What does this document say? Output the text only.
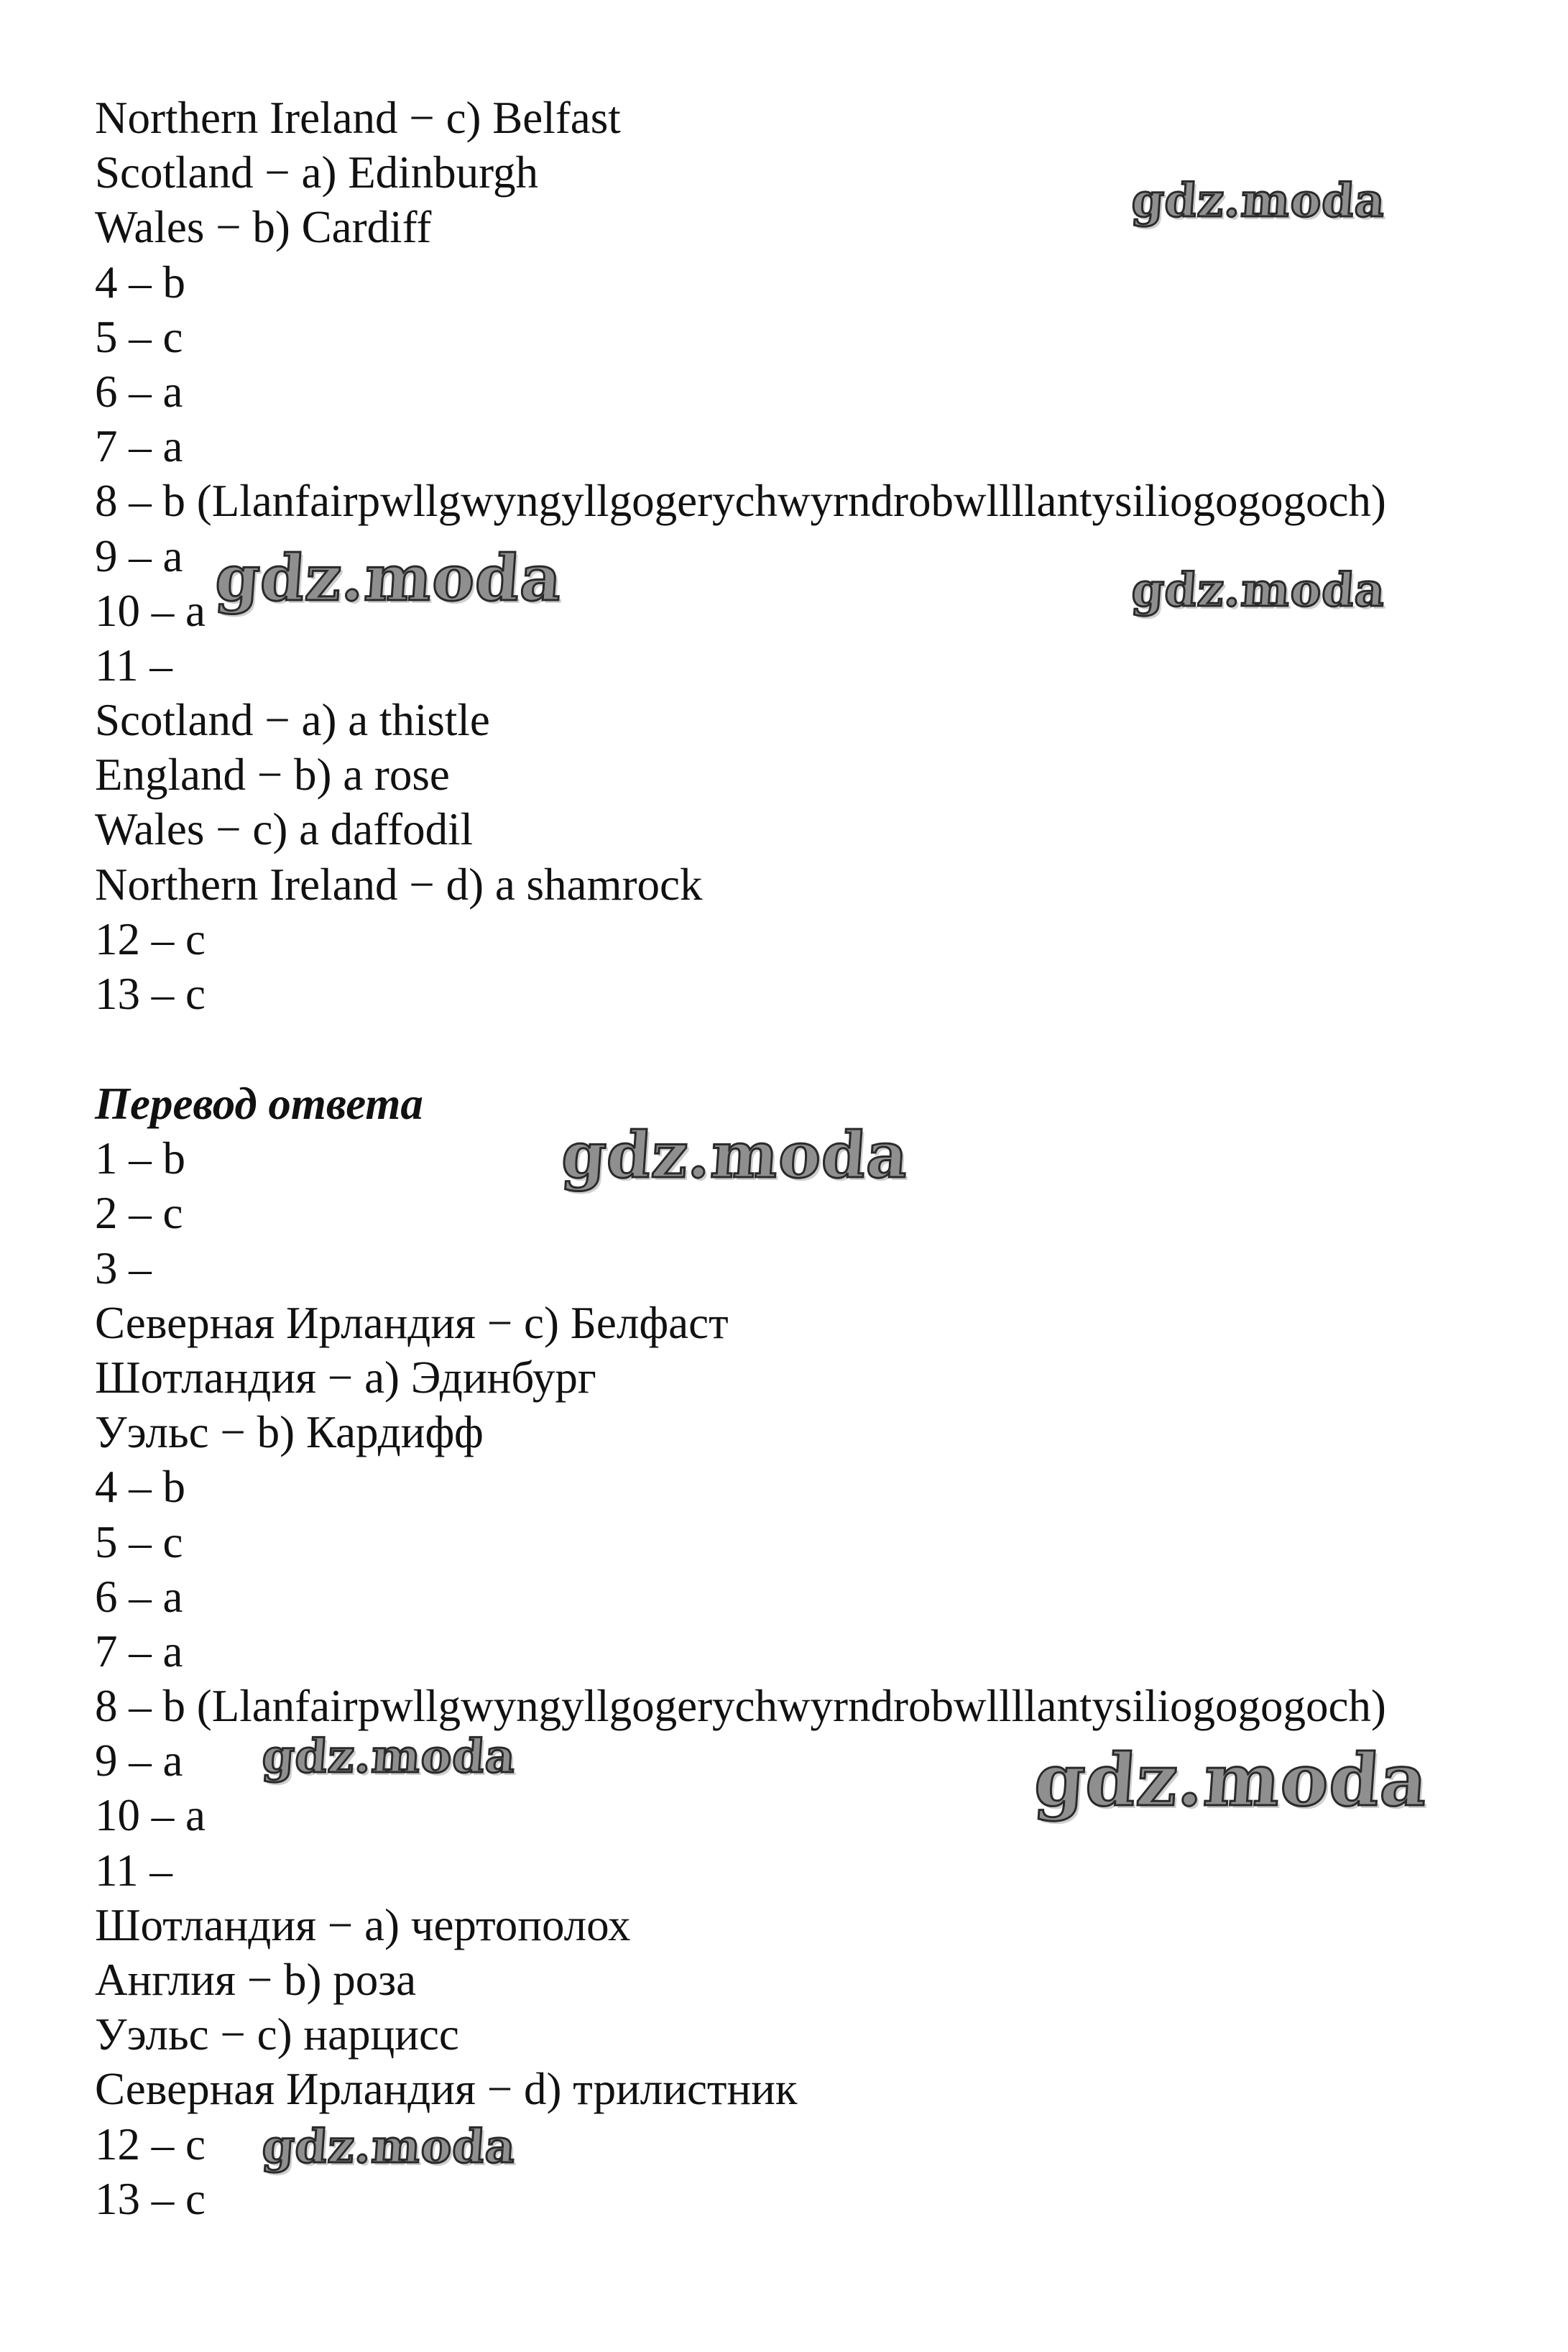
Northern Ireland − c) Belfast
Scotland − a) Edinburgh
Wales − b) Cardiff
4 – b
5 – c
6 – a
7 – a
8 – b (Llanfairpwllgwyngyllgogerychwyrndrobwllllantysiliogogogoch)
9 – a
10 – a
11 –
Scotland − a) a thistle
England − b) a rose
Wales − c) a daffodil
Northern Ireland − d) a shamrock
12 – c
13 – c
Перевод ответа
1 – b
2 – c
3 –
Северная Ирландия − c) Белфаст
Шотландия − a) Эдинбург
Уэльс − b) Кардифф
4 – b
5 – c
6 – a
7 – a
8 – b (Llanfairpwllgwyngyllgogerychwyrndrobwllllantysiliogogogoch)
9 – a
10 – a
11 –
Шотландия − a) чертополох
Англия − b) роза
Уэльс − c) нарцисс
Северная Ирландия − d) трилистник
12 – c
13 – c
gdz.moda
gdz.moda	gdz.moda
gdz.moda
gdz.moda	gdz.moda
gdz.moda
